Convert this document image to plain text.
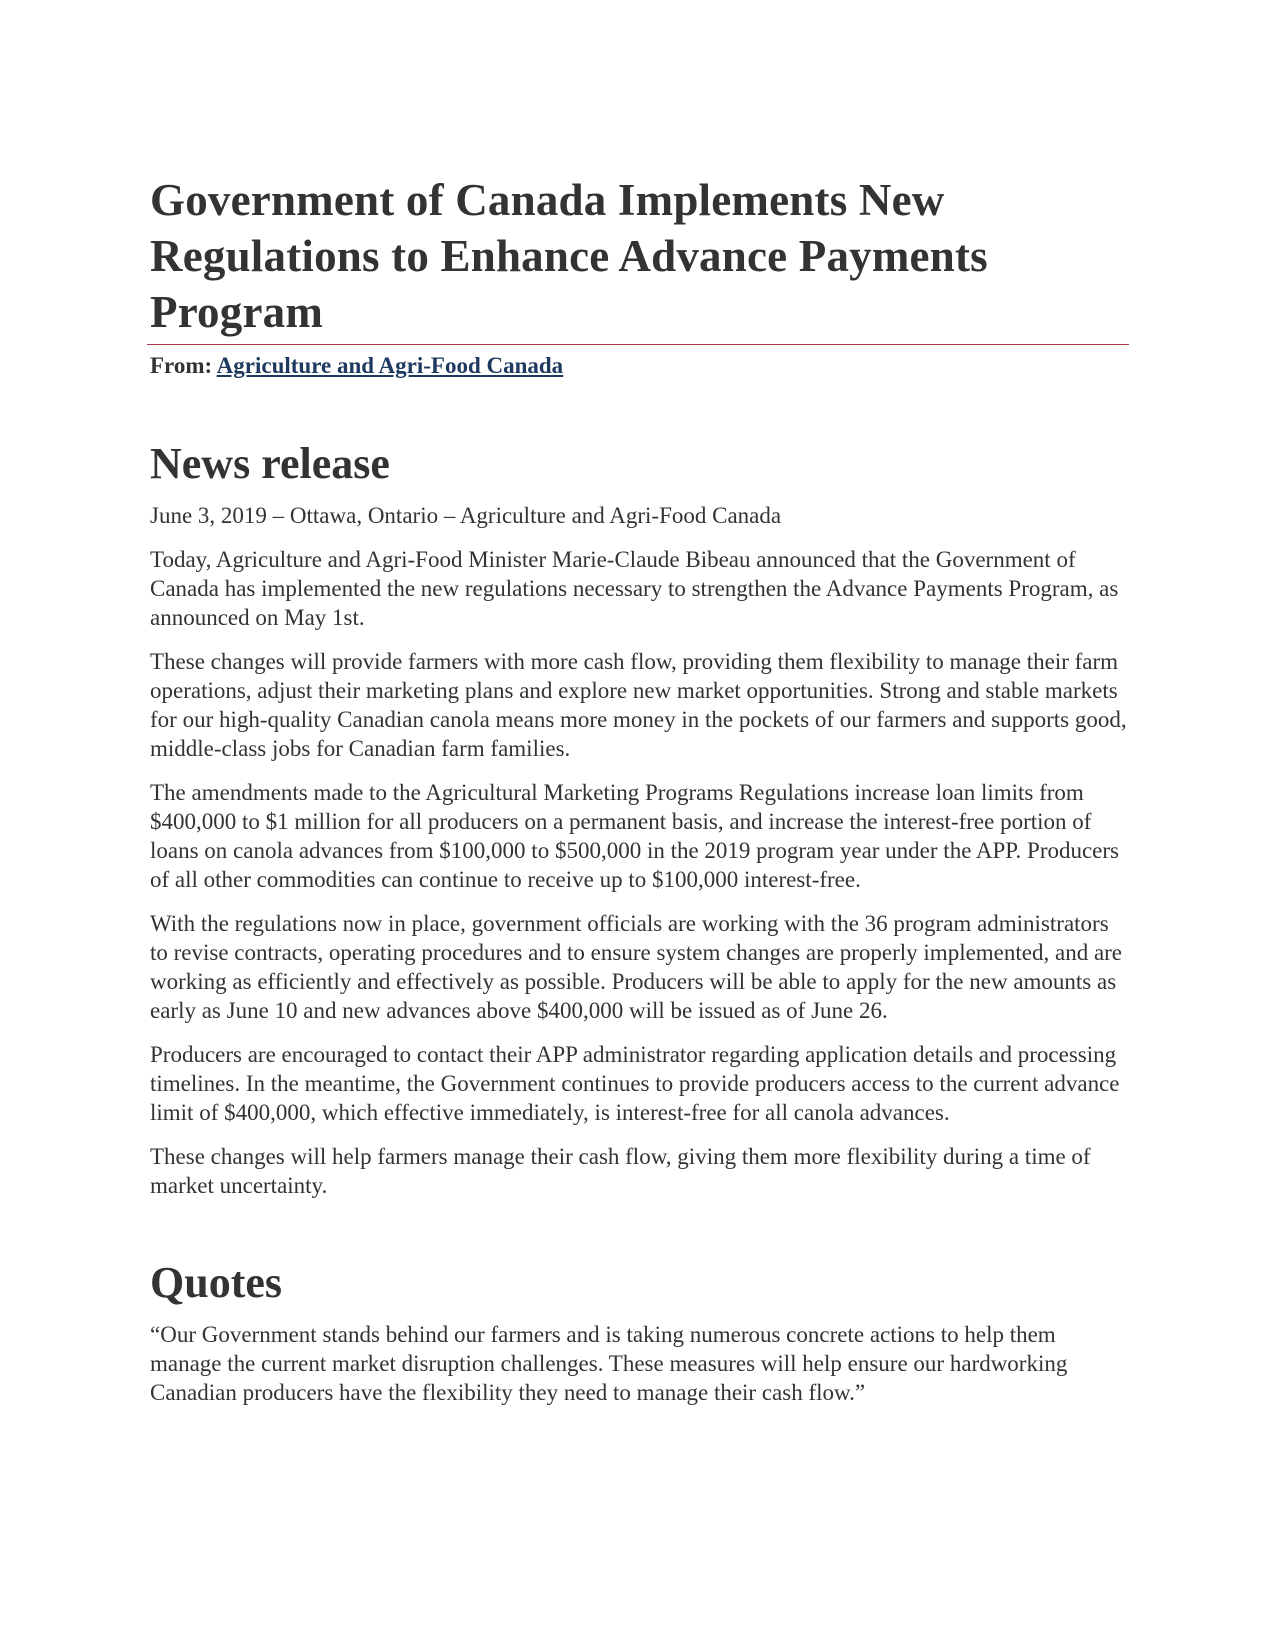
Government of Canada Implements New Regulations to Enhance Advance Payments Program
From: Agriculture and Agri-Food Canada
News release

June 3, 2019 – Ottawa, Ontario – Agriculture and Agri-Food Canada

Today, Agriculture and Agri-Food Minister Marie-Claude Bibeau announced that the Government of Canada has implemented the new regulations necessary to strengthen the Advance Payments Program, as announced on May 1st.

These changes will provide farmers with more cash flow, providing them flexibility to manage their farm operations, adjust their marketing plans and explore new market opportunities. Strong and stable markets for our high-quality Canadian canola means more money in the pockets of our farmers and supports good, middle-class jobs for Canadian farm families.

The amendments made to the Agricultural Marketing Programs Regulations increase loan limits from $400,000 to $1 million for all producers on a permanent basis, and increase the interest-free portion of loans on canola advances from $100,000 to $500,000 in the 2019 program year under the APP. Producers of all other commodities can continue to receive up to $100,000 interest-free.

With the regulations now in place, government officials are working with the 36 program administrators to revise contracts, operating procedures and to ensure system changes are properly implemented, and are working as efficiently and effectively as possible. Producers will be able to apply for the new amounts as early as June 10 and new advances above $400,000 will be issued as of June 26.

Producers are encouraged to contact their APP administrator regarding application details and processing timelines. In the meantime, the Government continues to provide producers access to the current advance limit of $400,000, which effective immediately, is interest-free for all canola advances.

These changes will help farmers manage their cash flow, giving them more flexibility during a time of market uncertainty.

Quotes

“Our Government stands behind our farmers and is taking numerous concrete actions to help them manage the current market disruption challenges. These measures will help ensure our hardworking Canadian producers have the flexibility they need to manage their cash flow.”
